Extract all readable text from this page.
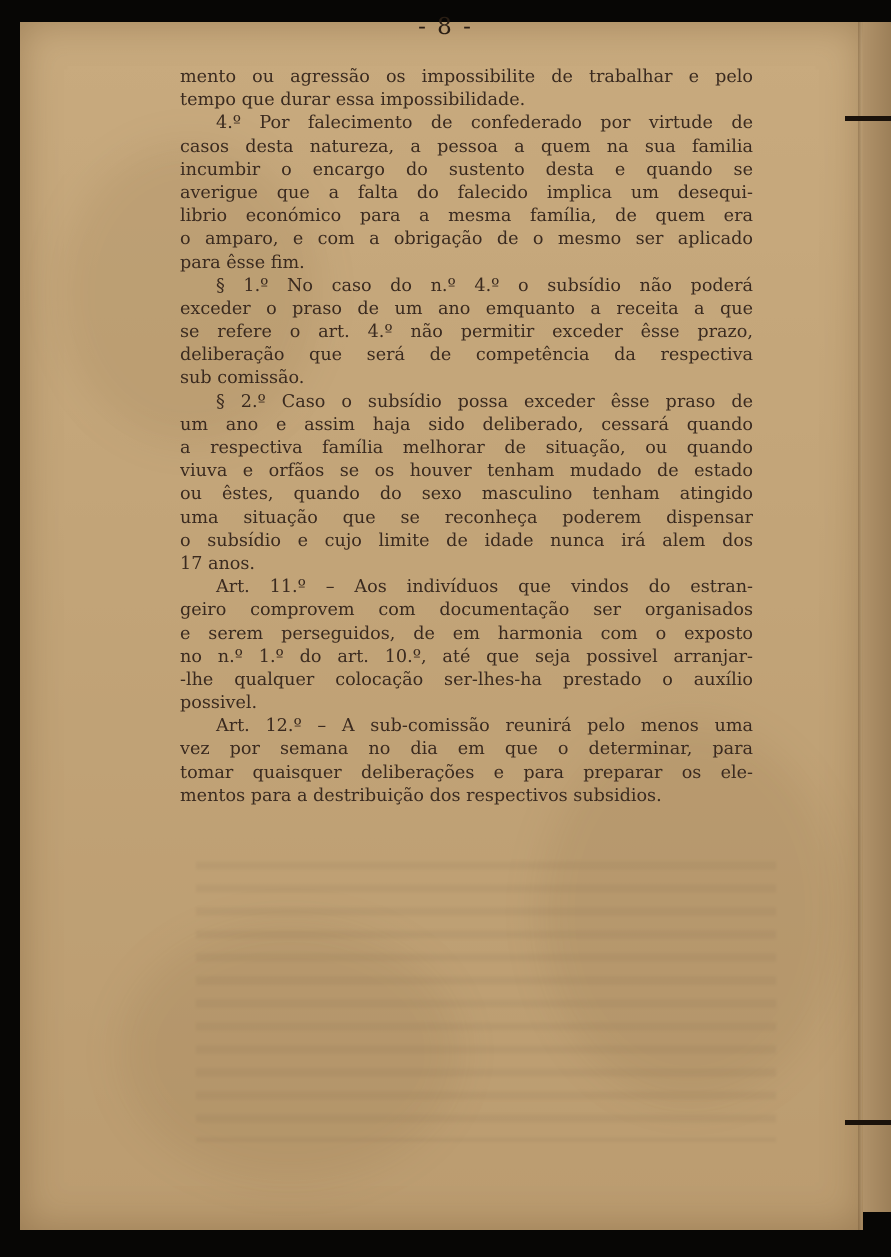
- 8 -
mento ou agressão os impossibilite de trabalhar e pelo
tempo que durar essa impossibilidade.
4.º Por falecimento de confederado por virtude de
casos desta natureza, a pessoa a quem na sua familia
incumbir o encargo do sustento desta e quando se
averigue que a falta do falecido implica um desequi-
librio económico para a mesma família, de quem era
o amparo, e com a obrigação de o mesmo ser aplicado
para êsse fim.
§ 1.º No caso do n.º 4.º o subsídio não poderá
exceder o praso de um ano emquanto a receita a que
se refere o art. 4.º não permitir exceder êsse prazo,
deliberação que será de competência da respectiva
sub comissão.
§ 2.º Caso o subsídio possa exceder êsse praso de
um ano e assim haja sido deliberado, cessará quando
a respectiva família melhorar de situação, ou quando
viuva e orfãos se os houver tenham mudado de estado
ou êstes, quando do sexo masculino tenham atingido
uma situação que se reconheça poderem dispensar
o subsídio e cujo limite de idade nunca irá alem dos
17 anos.
Art. 11.º – Aos indivíduos que vindos do estran-
geiro comprovem com documentação ser organisados
e serem perseguidos, de em harmonia com o exposto
no n.º 1.º do art. 10.º, até que seja possivel arranjar-
-lhe qualquer colocação ser-lhes-ha prestado o auxílio
possivel.
Art. 12.º – A sub-comissão reunirá pelo menos uma
vez por semana no dia em que o determinar, para
tomar quaisquer deliberações e para preparar os ele-
mentos para a destribuição dos respectivos subsidios.
